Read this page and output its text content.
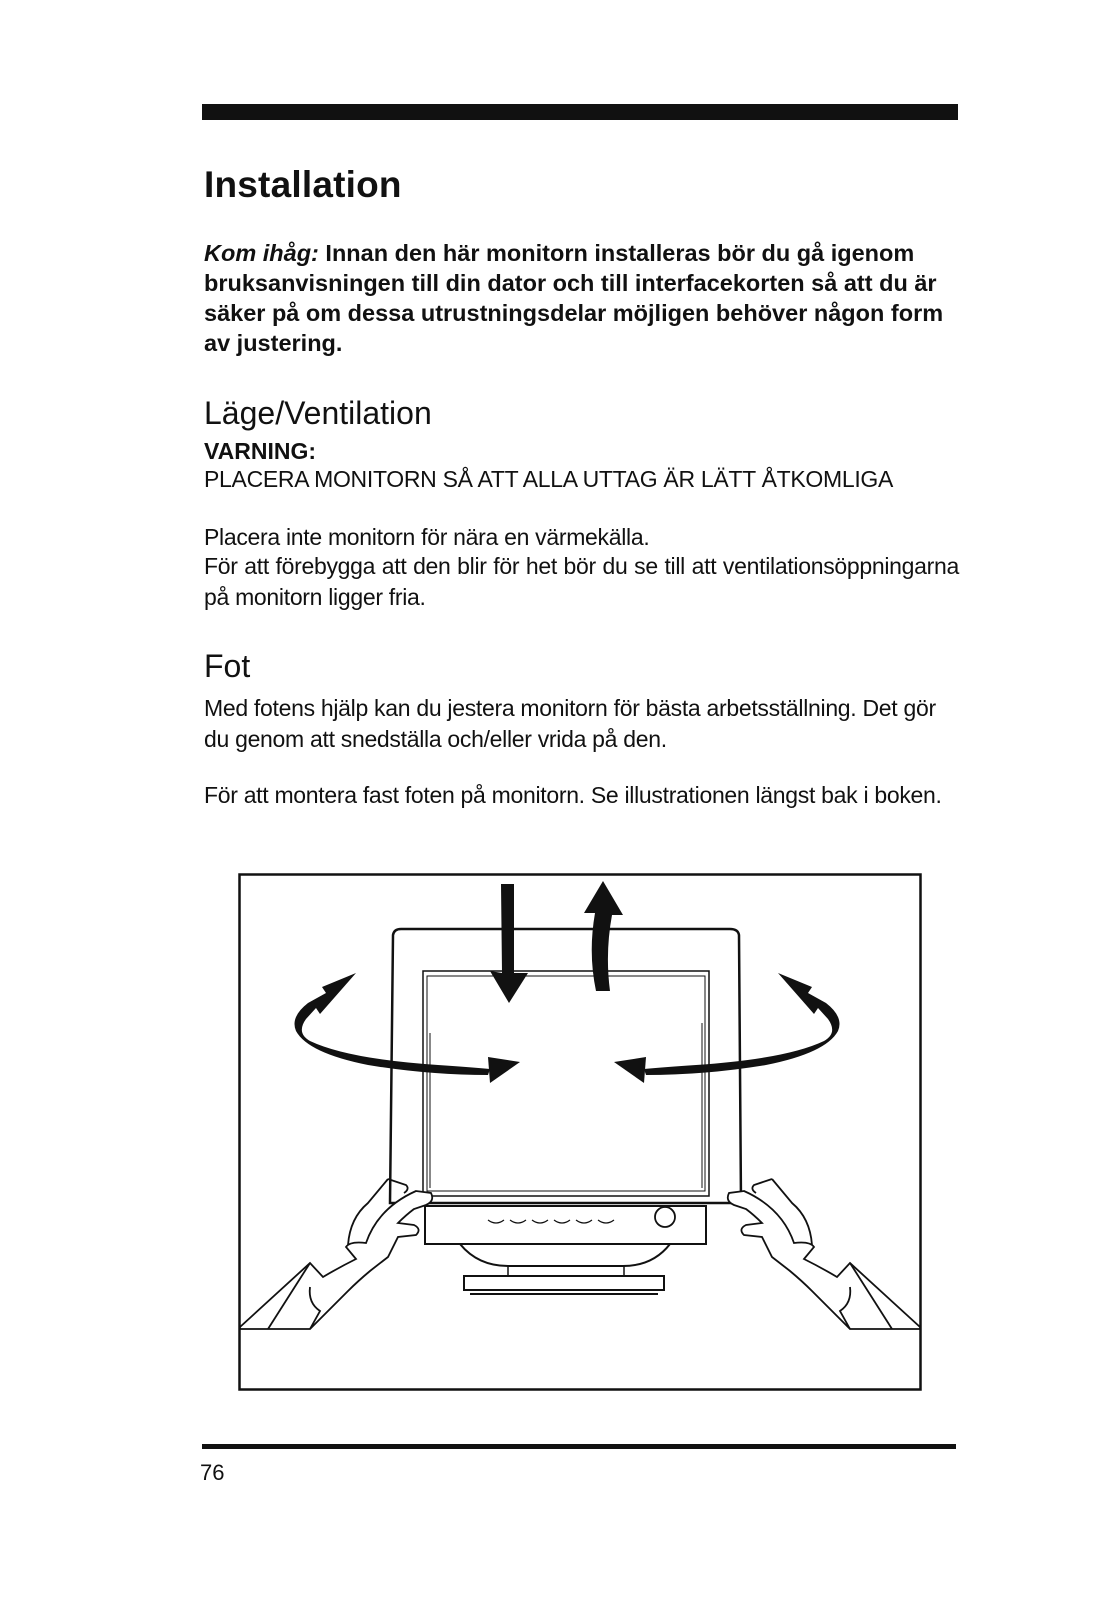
Installation

Kom ihåg: Innan den här monitorn installeras bör du gå igenom bruksanvisningen till din dator och till interfacekorten så att du är säker på om dessa utrustningsdelar möjligen behöver någon form av justering.

Läge/Ventilation

VARNING:

PLACERA MONITORN SÅ ATT ALLA UTTAG ÄR LÄTT ÅTKOMLIGA

Placera inte monitorn för nära en värmekälla.

För att förebygga att den blir för het bör du se till att ventilationsöppningarna på monitorn ligger fria.

Fot

Med fotens hjälp kan du jestera monitorn för bästa arbetsställning. Det gör du genom att snedställa och/eller vrida på den.

För att montera fast foten på monitorn. Se illustrationen längst bak i boken.

76
